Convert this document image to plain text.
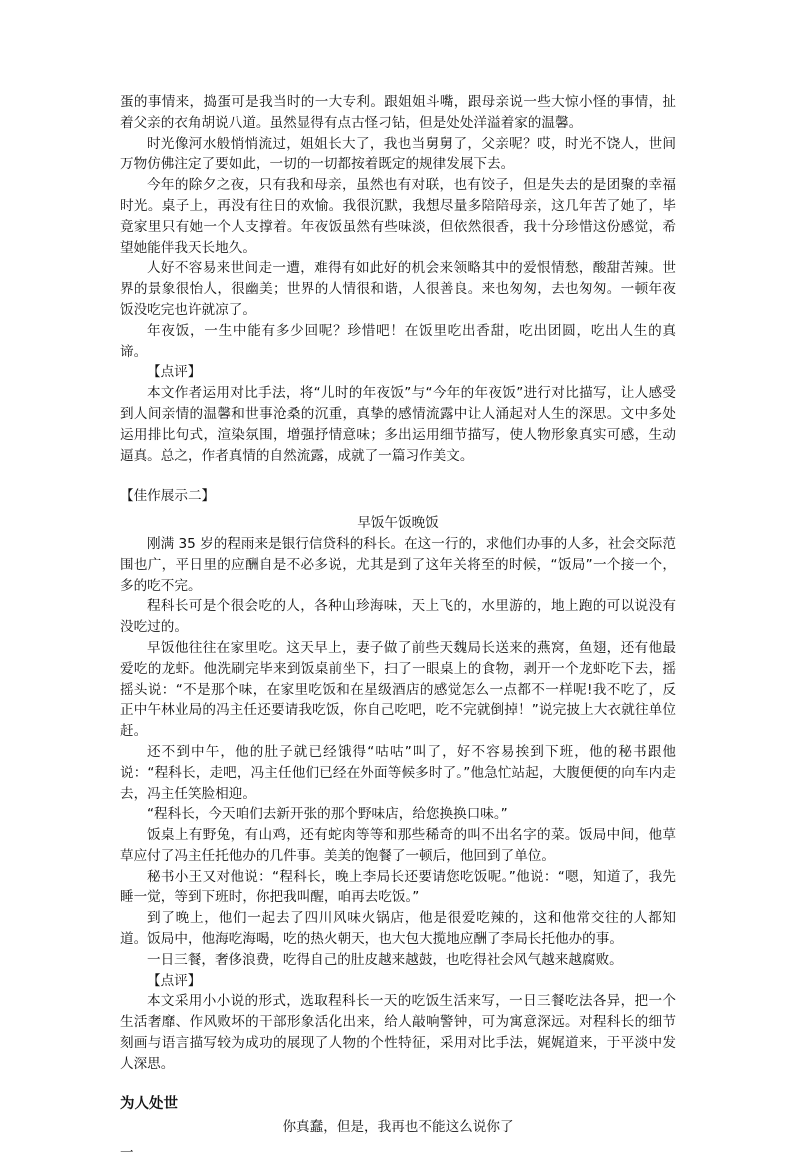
蛋的事情来，捣蛋可是我当时的一大专利。跟姐姐斗嘴，跟母亲说一些大惊小怪的事情，扯着父亲的衣角胡说八道。虽然显得有点古怪刁钻，但是处处洋溢着家的温馨。

时光像河水般悄悄流过，姐姐长大了，我也当舅舅了，父亲呢？哎，时光不饶人，世间万物仿佛注定了要如此，一切的一切都按着既定的规律发展下去。

今年的除夕之夜，只有我和母亲，虽然也有对联，也有饺子，但是失去的是团聚的幸福时光。桌子上，再没有往日的欢愉。我很沉默，我想尽量多陪陪母亲，这几年苦了她了，毕竟家里只有她一个人支撑着。年夜饭虽然有些味淡，但依然很香，我十分珍惜这份感觉，希望她能伴我天长地久。

人好不容易来世间走一遭，难得有如此好的机会来领略其中的爱恨情愁，酸甜苦辣。世界的景象很怡人，很幽美；世界的人情很和谐，人很善良。来也匆匆，去也匆匆。一顿年夜饭没吃完也许就凉了。

年夜饭，一生中能有多少回呢？珍惜吧！在饭里吃出香甜，吃出团圆，吃出人生的真谛。

【点评】

本文作者运用对比手法，将“儿时的年夜饭”与“今年的年夜饭”进行对比描写，让人感受到人间亲情的温馨和世事沧桑的沉重，真挚的感情流露中让人涌起对人生的深思。文中多处运用排比句式，渲染氛围，增强抒情意味；多出运用细节描写，使人物形象真实可感，生动逼真。总之，作者真情的自然流露，成就了一篇习作美文。

【佳作展示二】

早饭午饭晚饭

刚满 35 岁的程雨来是银行信贷科的科长。在这一行的，求他们办事的人多，社会交际范围也广，平日里的应酬自是不必多说，尤其是到了这年关将至的时候，“饭局”一个接一个，多的吃不完。

程科长可是个很会吃的人，各种山珍海味，天上飞的，水里游的，地上跑的可以说没有没吃过的。

早饭他往往在家里吃。这天早上，妻子做了前些天魏局长送来的燕窝，鱼翅，还有他最爱吃的龙虾。他洗刷完毕来到饭桌前坐下，扫了一眼桌上的食物，剥开一个龙虾吃下去，摇摇头说：“不是那个味，在家里吃饭和在星级酒店的感觉怎么一点都不一样呢!我不吃了，反正中午林业局的冯主任还要请我吃饭，你自己吃吧，吃不完就倒掉！”说完披上大衣就往单位赶。

还不到中午，他的肚子就已经饿得“咕咕”叫了，好不容易挨到下班，他的秘书跟他说：“程科长，走吧，冯主任他们已经在外面等候多时了。”他急忙站起，大腹便便的向车内走去，冯主任笑脸相迎。

“程科长，今天咱们去新开张的那个野味店，给您换换口味。”

饭桌上有野兔，有山鸡，还有蛇肉等等和那些稀奇的叫不出名字的菜。饭局中间，他草草应付了冯主任托他办的几件事。美美的饱餐了一顿后，他回到了单位。

秘书小王又对他说：“程科长，晚上李局长还要请您吃饭呢。”他说：“嗯，知道了，我先睡一觉，等到下班时，你把我叫醒，咱再去吃饭。”

到了晚上，他们一起去了四川风味火锅店，他是很爱吃辣的，这和他常交往的人都知道。饭局中，他海吃海喝，吃的热火朝天，也大包大揽地应酬了李局长托他办的事。

一日三餐，奢侈浪费，吃得自己的肚皮越来越鼓，也吃得社会风气越来越腐败。

【点评】

本文采用小小说的形式，选取程科长一天的吃饭生活来写，一日三餐吃法各异，把一个生活奢靡、作风败坏的干部形象活化出来，给人敲响警钟，可为寓意深远。对程科长的细节刻画与语言描写较为成功的展现了人物的个性特征，采用对比手法，娓娓道来，于平淡中发人深思。

为人处世

你真蠢，但是，我再也不能这么说你了

一
